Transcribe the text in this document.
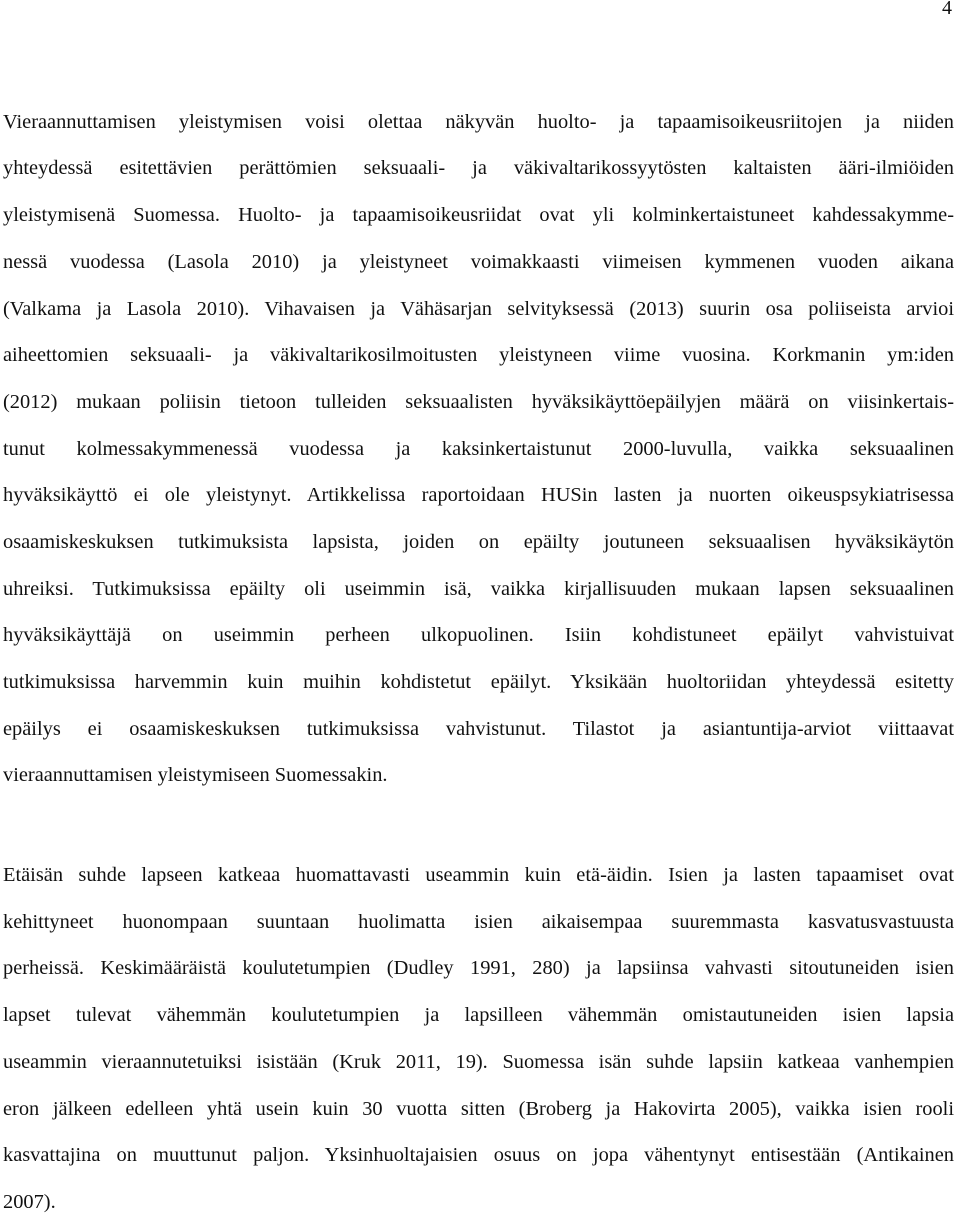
4
Vieraannuttamisen yleistymisen voisi olettaa näkyvän huolto- ja tapaamisoikeusriitojen ja niiden
yhteydessä esitettävien perättömien seksuaali- ja väkivaltarikossyytösten kaltaisten ääri-ilmiöiden
yleistymisenä Suomessa. Huolto- ja tapaamisoikeusriidat ovat yli kolminkertaistuneet kahdessakymme-
nessä vuodessa (Lasola 2010) ja yleistyneet voimakkaasti viimeisen kymmenen vuoden aikana
(Valkama ja Lasola 2010). Vihavaisen ja Vähäsarjan selvityksessä (2013) suurin osa poliiseista arvioi
aiheettomien seksuaali- ja väkivaltarikosilmoitusten yleistyneen viime vuosina. Korkmanin ym:iden
(2012) mukaan poliisin tietoon tulleiden seksuaalisten hyväksikäyttöepäilyjen määrä on viisinkertais-
tunut kolmessakymmenessä vuodessa ja kaksinkertaistunut 2000-luvulla, vaikka seksuaalinen
hyväksikäyttö ei ole yleistynyt. Artikkelissa raportoidaan HUSin lasten ja nuorten oikeuspsykiatrisessa
osaamiskeskuksen tutkimuksista lapsista, joiden on epäilty joutuneen seksuaalisen hyväksikäytön
uhreiksi. Tutkimuksissa epäilty oli useimmin isä, vaikka kirjallisuuden mukaan lapsen seksuaalinen
hyväksikäyttäjä on useimmin perheen ulkopuolinen. Isiin kohdistuneet epäilyt vahvistuivat
tutkimuksissa harvemmin kuin muihin kohdistetut epäilyt. Yksikään huoltoriidan yhteydessä esitetty
epäilys ei osaamiskeskuksen tutkimuksissa vahvistunut. Tilastot ja asiantuntija-arviot viittaavat
vieraannuttamisen yleistymiseen Suomessakin.
Etäisän suhde lapseen katkeaa huomattavasti useammin kuin etä-äidin. Isien ja lasten tapaamiset ovat
kehittyneet huonompaan suuntaan huolimatta isien aikaisempaa suuremmasta kasvatusvastuusta
perheissä. Keskimääräistä koulutetumpien (Dudley 1991, 280) ja lapsiinsa vahvasti sitoutuneiden isien
lapset tulevat vähemmän koulutetumpien ja lapsilleen vähemmän omistautuneiden isien lapsia
useammin vieraannutetuiksi isistään (Kruk 2011, 19). Suomessa isän suhde lapsiin katkeaa vanhempien
eron jälkeen edelleen yhtä usein kuin 30 vuotta sitten (Broberg ja Hakovirta 2005), vaikka isien rooli
kasvattajina on muuttunut paljon. Yksinhuoltajaisien osuus on jopa vähentynyt entisestään (Antikainen
2007).
